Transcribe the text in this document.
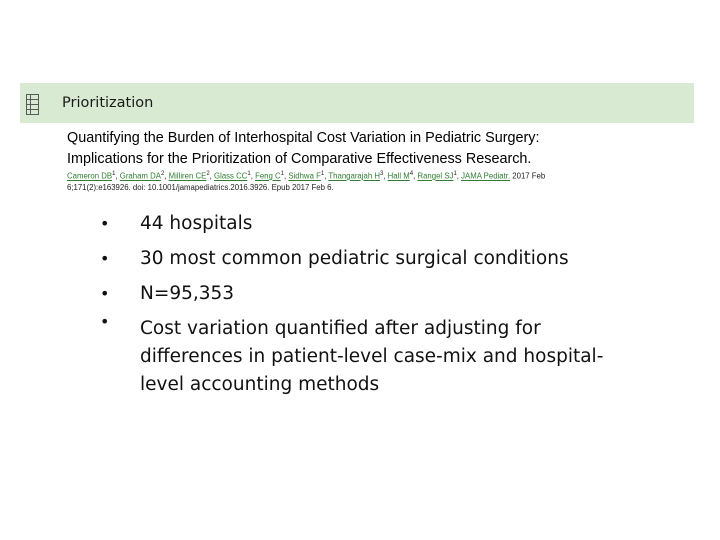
Prioritization
Quantifying the Burden of Interhospital Cost Variation in Pediatric Surgery:
Implications for the Prioritization of Comparative Effectiveness Research.
Cameron $DB^1$, Graham $DA^2$, Milliren $CE^2$, Glass $CC^1$, Feng $C^1$, Sidhwa $F^1$, Thangarajah $H^3$, Hall $M^4$, Rangel $SJ^1$, JAMA Pediatr. 2017 Feb
6;171(2):e163926. doi: 10.1001/jamapediatrics.2016.3926. Epub 2017 Feb 6.
• 44 hospitals
• 30 most common pediatric surgical conditions
• N=95,353
• Cost variation quantified after adjusting for
differences in patient-level case-mix and hospital-
level accounting methods
